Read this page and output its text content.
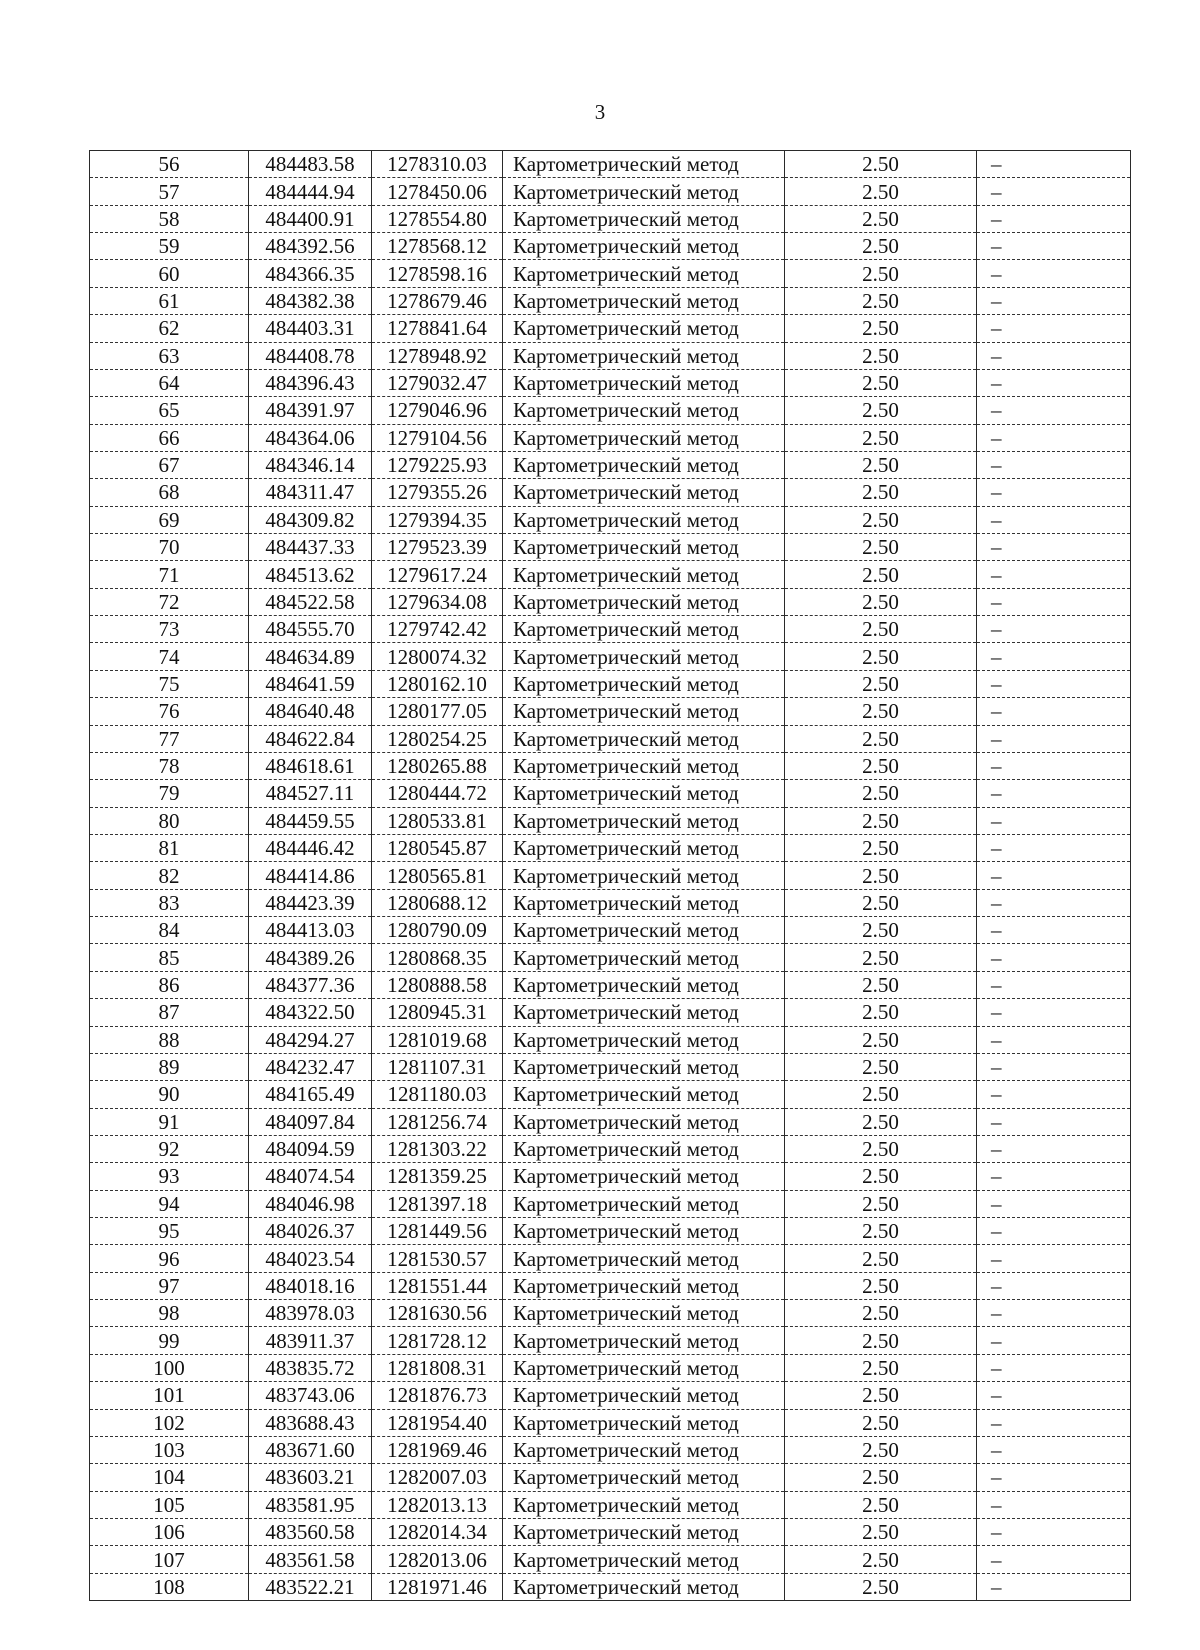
3
56	484483.58	1278310.03	Картометрический метод	2.50	–
57	484444.94	1278450.06	Картометрический метод	2.50	–
58	484400.91	1278554.80	Картометрический метод	2.50	–
59	484392.56	1278568.12	Картометрический метод	2.50	–
60	484366.35	1278598.16	Картометрический метод	2.50	–
61	484382.38	1278679.46	Картометрический метод	2.50	–
62	484403.31	1278841.64	Картометрический метод	2.50	–
63	484408.78	1278948.92	Картометрический метод	2.50	–
64	484396.43	1279032.47	Картометрический метод	2.50	–
65	484391.97	1279046.96	Картометрический метод	2.50	–
66	484364.06	1279104.56	Картометрический метод	2.50	–
67	484346.14	1279225.93	Картометрический метод	2.50	–
68	484311.47	1279355.26	Картометрический метод	2.50	–
69	484309.82	1279394.35	Картометрический метод	2.50	–
70	484437.33	1279523.39	Картометрический метод	2.50	–
71	484513.62	1279617.24	Картометрический метод	2.50	–
72	484522.58	1279634.08	Картометрический метод	2.50	–
73	484555.70	1279742.42	Картометрический метод	2.50	–
74	484634.89	1280074.32	Картометрический метод	2.50	–
75	484641.59	1280162.10	Картометрический метод	2.50	–
76	484640.48	1280177.05	Картометрический метод	2.50	–
77	484622.84	1280254.25	Картометрический метод	2.50	–
78	484618.61	1280265.88	Картометрический метод	2.50	–
79	484527.11	1280444.72	Картометрический метод	2.50	–
80	484459.55	1280533.81	Картометрический метод	2.50	–
81	484446.42	1280545.87	Картометрический метод	2.50	–
82	484414.86	1280565.81	Картометрический метод	2.50	–
83	484423.39	1280688.12	Картометрический метод	2.50	–
84	484413.03	1280790.09	Картометрический метод	2.50	–
85	484389.26	1280868.35	Картометрический метод	2.50	–
86	484377.36	1280888.58	Картометрический метод	2.50	–
87	484322.50	1280945.31	Картометрический метод	2.50	–
88	484294.27	1281019.68	Картометрический метод	2.50	–
89	484232.47	1281107.31	Картометрический метод	2.50	–
90	484165.49	1281180.03	Картометрический метод	2.50	–
91	484097.84	1281256.74	Картометрический метод	2.50	–
92	484094.59	1281303.22	Картометрический метод	2.50	–
93	484074.54	1281359.25	Картометрический метод	2.50	–
94	484046.98	1281397.18	Картометрический метод	2.50	–
95	484026.37	1281449.56	Картометрический метод	2.50	–
96	484023.54	1281530.57	Картометрический метод	2.50	–
97	484018.16	1281551.44	Картометрический метод	2.50	–
98	483978.03	1281630.56	Картометрический метод	2.50	–
99	483911.37	1281728.12	Картометрический метод	2.50	–
100	483835.72	1281808.31	Картометрический метод	2.50	–
101	483743.06	1281876.73	Картометрический метод	2.50	–
102	483688.43	1281954.40	Картометрический метод	2.50	–
103	483671.60	1281969.46	Картометрический метод	2.50	–
104	483603.21	1282007.03	Картометрический метод	2.50	–
105	483581.95	1282013.13	Картометрический метод	2.50	–
106	483560.58	1282014.34	Картометрический метод	2.50	–
107	483561.58	1282013.06	Картометрический метод	2.50	–
108	483522.21	1281971.46	Картометрический метод	2.50	–
